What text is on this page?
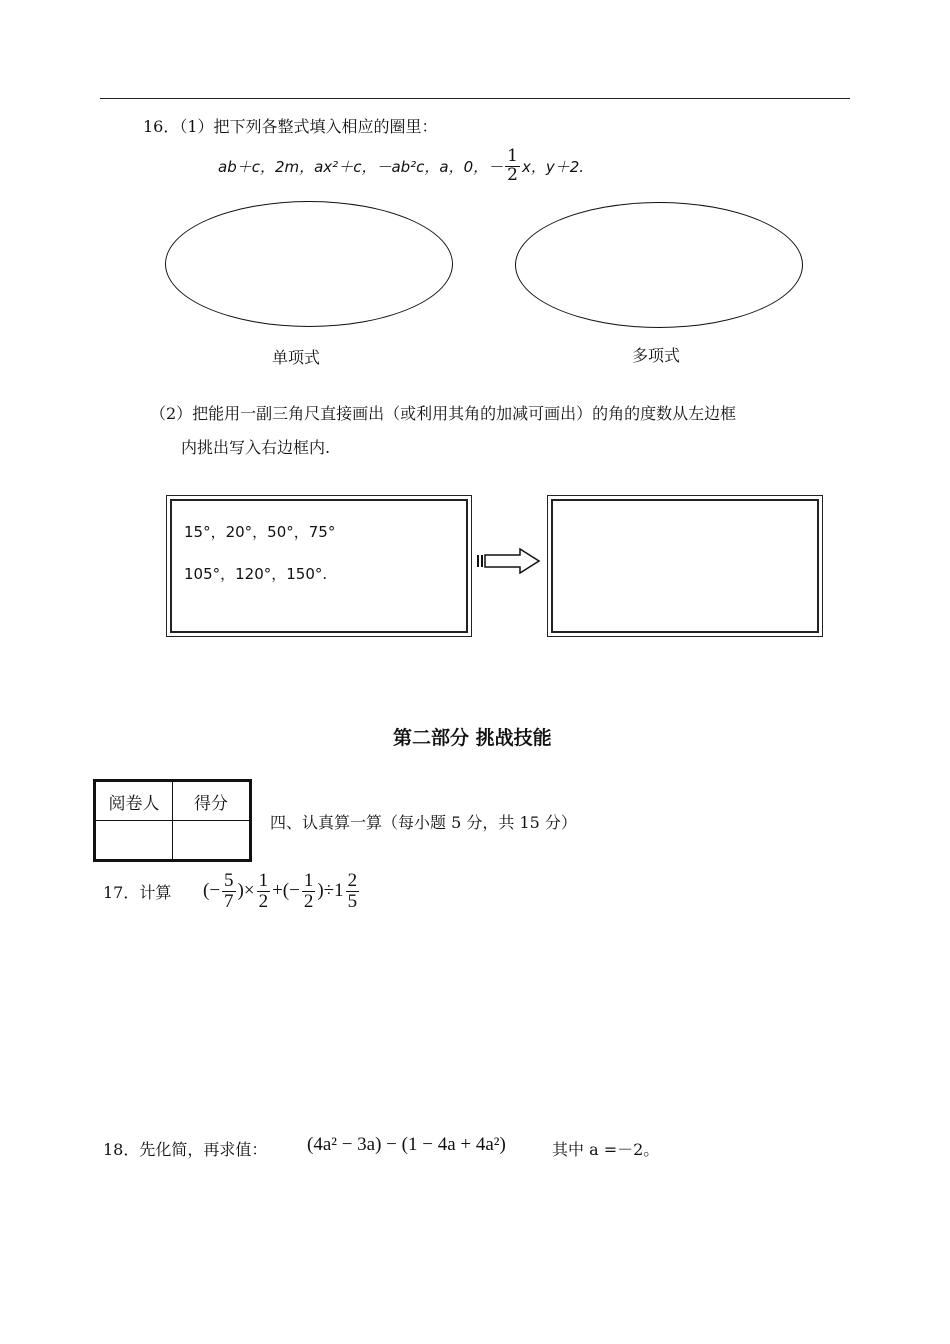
16．（1）把下列各整式填入相应的圈里：
ab＋c，2m，ax²＋c，－ab²c，a，0，－ $\frac{1}{2}$ x，y＋2.
单项式	多项式
（2）把能用一副三角尺直接画出（或利用其角的加减可画出）的角的度数从左边框
内挑出写入右边框内.
15°，20°，50°，75°
105°，120°，150°.
第二部分 挑战技能
阅卷人	得分

四、认真算一算（每小题 5 分，共 15 分）
17．计算 (− $\frac{5}{7}$ )× $\frac{1}{2}$ +(− $\frac{1}{2} )\div 1 \frac{2}{5}$
18．先化简，再求值： (4a² − 3a) − (1 − 4a + 4a²)	其中 a =－2。
